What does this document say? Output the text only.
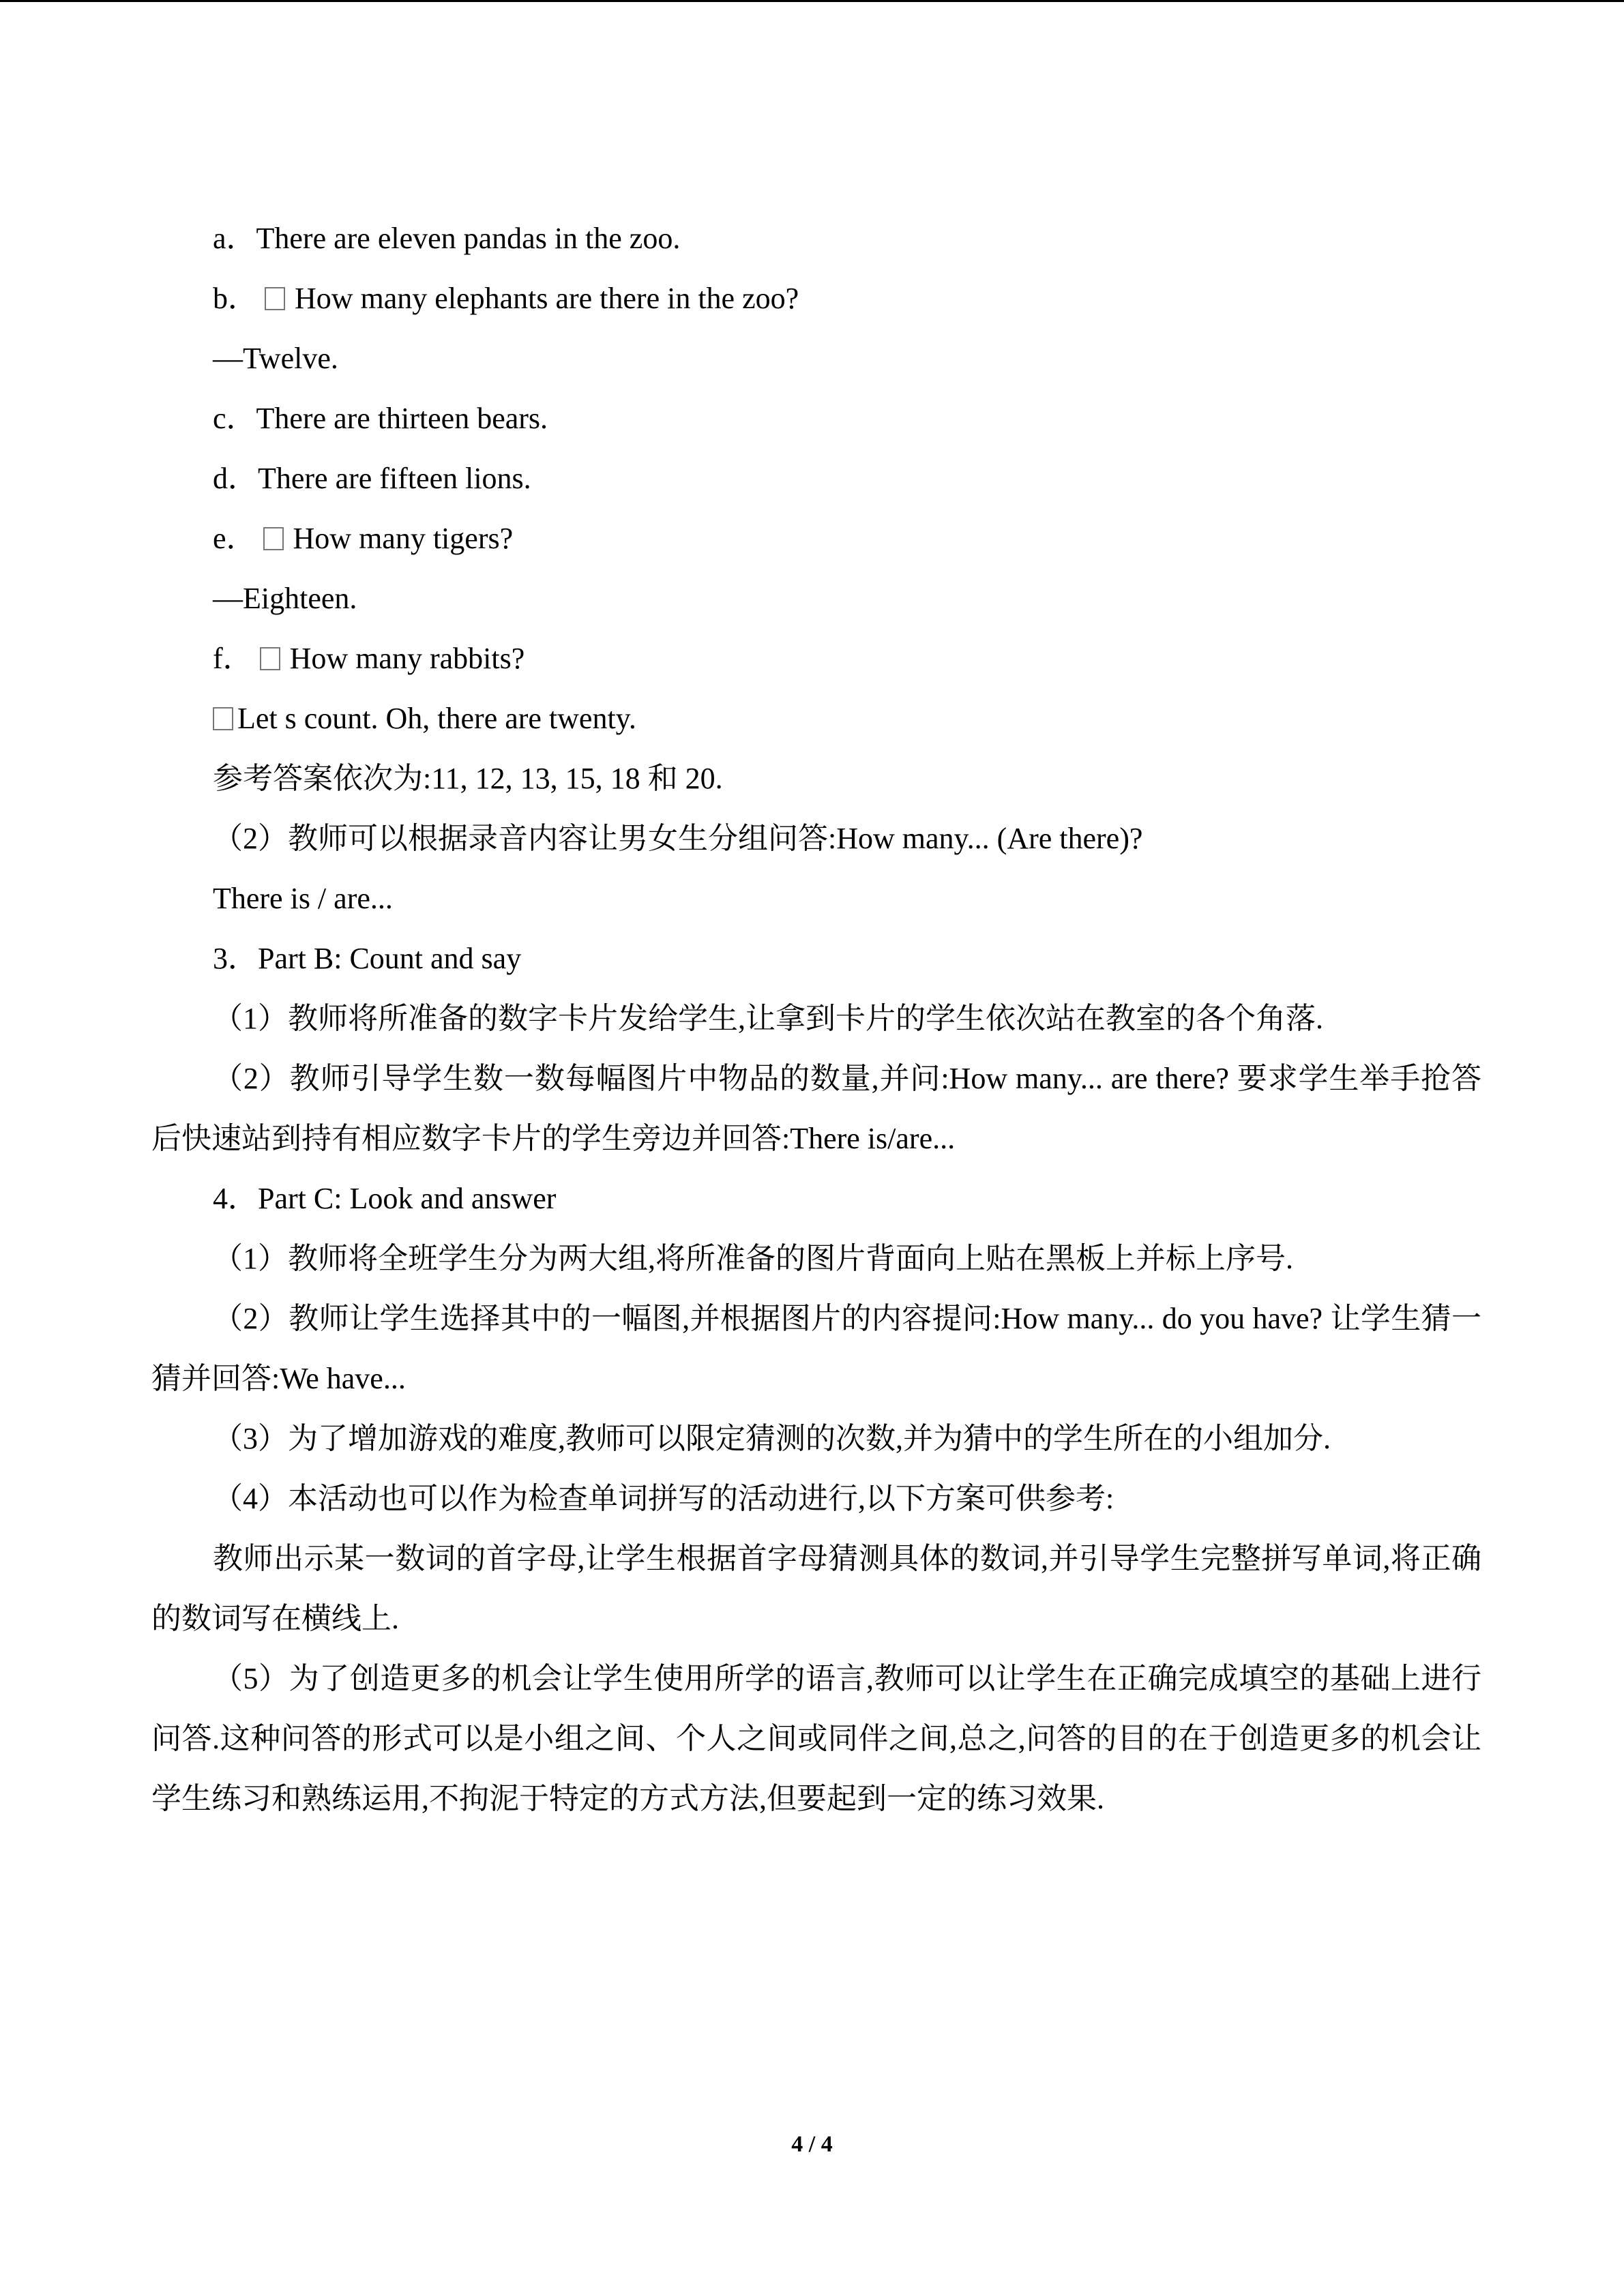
a．There are eleven pandas in the zoo.

b． How many elephants are there in the zoo?

—Twelve.

c．There are thirteen bears.

d．There are fifteen lions.

e． How many tigers?

—Eighteen.

f． How many rabbits?

Let s count. Oh, there are twenty.

参考答案依次为:11, 12, 13, 15, 18 和 20.

（2）教师可以根据录音内容让男女生分组问答:How many... (Are there)?

There is / are...

3．Part B: Count and say

（1）教师将所准备的数字卡片发给学生,让拿到卡片的学生依次站在教室的各个角落.

（2）教师引导学生数一数每幅图片中物品的数量,并问:How many... are there? 要求学生举手抢答后快速站到持有相应数字卡片的学生旁边并回答:There is/are...

4．Part C: Look and answer

（1）教师将全班学生分为两大组,将所准备的图片背面向上贴在黑板上并标上序号.

（2）教师让学生选择其中的一幅图,并根据图片的内容提问:How many... do you have? 让学生猜一猜并回答:We have...

（3）为了增加游戏的难度,教师可以限定猜测的次数,并为猜中的学生所在的小组加分.

（4）本活动也可以作为检查单词拼写的活动进行,以下方案可供参考:

教师出示某一数词的首字母,让学生根据首字母猜测具体的数词,并引导学生完整拼写单词,将正确的数词写在横线上.

（5）为了创造更多的机会让学生使用所学的语言,教师可以让学生在正确完成填空的基础上进行问答.这种问答的形式可以是小组之间、个人之间或同伴之间,总之,问答的目的在于创造更多的机会让学生练习和熟练运用,不拘泥于特定的方式方法,但要起到一定的练习效果.

4 / 4
